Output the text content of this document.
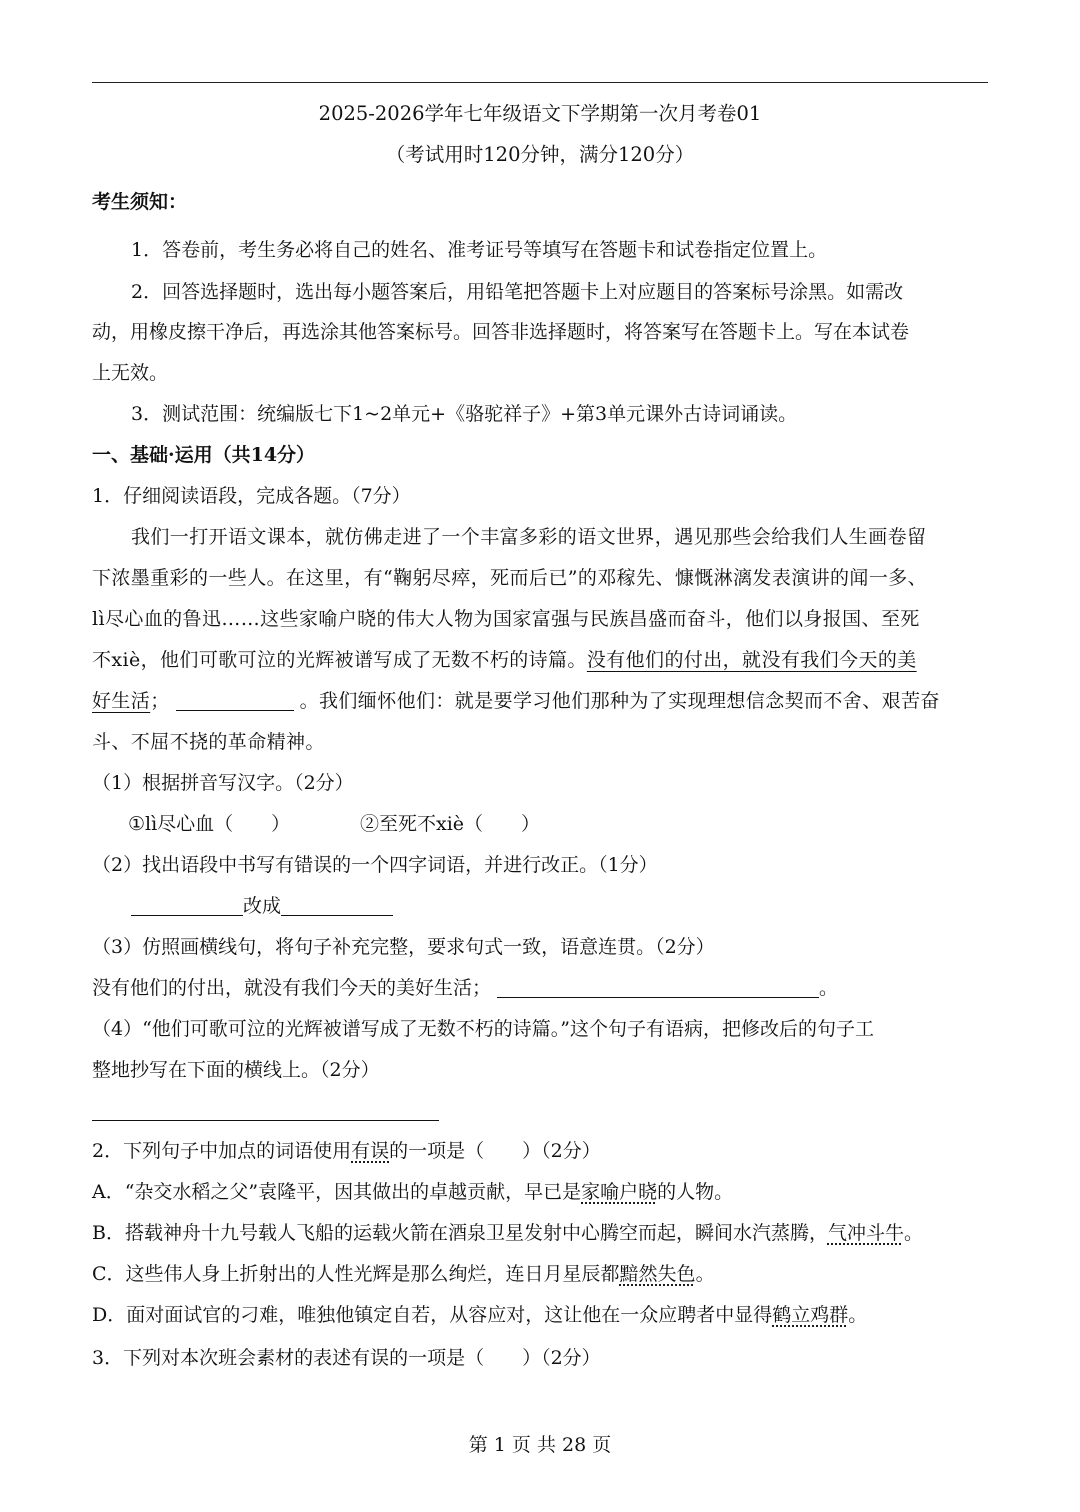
2025-2026学年七年级语文下学期第一次月考卷01
（考试用时120分钟，满分120分）
考生须知：
1．答卷前，考生务必将自己的姓名、准考证号等填写在答题卡和试卷指定位置上。
2．回答选择题时，选出每小题答案后，用铅笔把答题卡上对应题目的答案标号涂黑。如需改
动，用橡皮擦干净后，再选涂其他答案标号。回答非选择题时，将答案写在答题卡上。写在本试卷
上无效。
3．测试范围：统编版七下1~2单元+《骆驼祥子》+第3单元课外古诗词诵读。
一、基础·运用（共14分）
1．仔细阅读语段，完成各题。（7分）
我们一打开语文课本，就仿佛走进了一个丰富多彩的语文世界，遇见那些会给我们人生画卷留
下浓墨重彩的一些人。在这里，有“鞠躬尽瘁，死而后已”的邓稼先、慷慨淋漓发表演讲的闻一多、
lì尽心血的鲁迅……这些家喻户晓的伟大人物为国家富强与民族昌盛而奋斗，他们以身报国、至死
不xiè，他们可歌可泣的光辉被谱写成了无数不朽的诗篇。没有他们的付出，就没有我们今天的美
好生活；	。我们缅怀他们：就是要学习他们那种为了实现理想信念契而不舍、艰苦奋
斗、不屈不挠的革命精神。
（1）根据拼音写汉字。（2分）
①lì尽心血（　　）	②至死不xiè（　　）
（2）找出语段中书写有错误的一个四字词语，并进行改正。（1分）
改成
（3）仿照画横线句，将句子补充完整，要求句式一致，语意连贯。（2分）
没有他们的付出，就没有我们今天的美好生活；	。
（4）“他们可歌可泣的光辉被谱写成了无数不朽的诗篇。”这个句子有语病，把修改后的句子工
整地抄写在下面的横线上。（2分）
2．下列句子中加点的词语使用有误的一项是（　　）（2分）
A．“杂交水稻之父”袁隆平，因其做出的卓越贡献，早已是家喻户晓的人物。
B．搭载神舟十九号载人飞船的运载火箭在酒泉卫星发射中心腾空而起，瞬间水汽蒸腾，气冲斗牛。
C．这些伟人身上折射出的人性光辉是那么绚烂，连日月星辰都黯然失色。
D．面对面试官的刁难，唯独他镇定自若，从容应对，这让他在一众应聘者中显得鹤立鸡群。
3．下列对本次班会素材的表述有误的一项是（　　）（2分）
第 1 页 共 28 页
